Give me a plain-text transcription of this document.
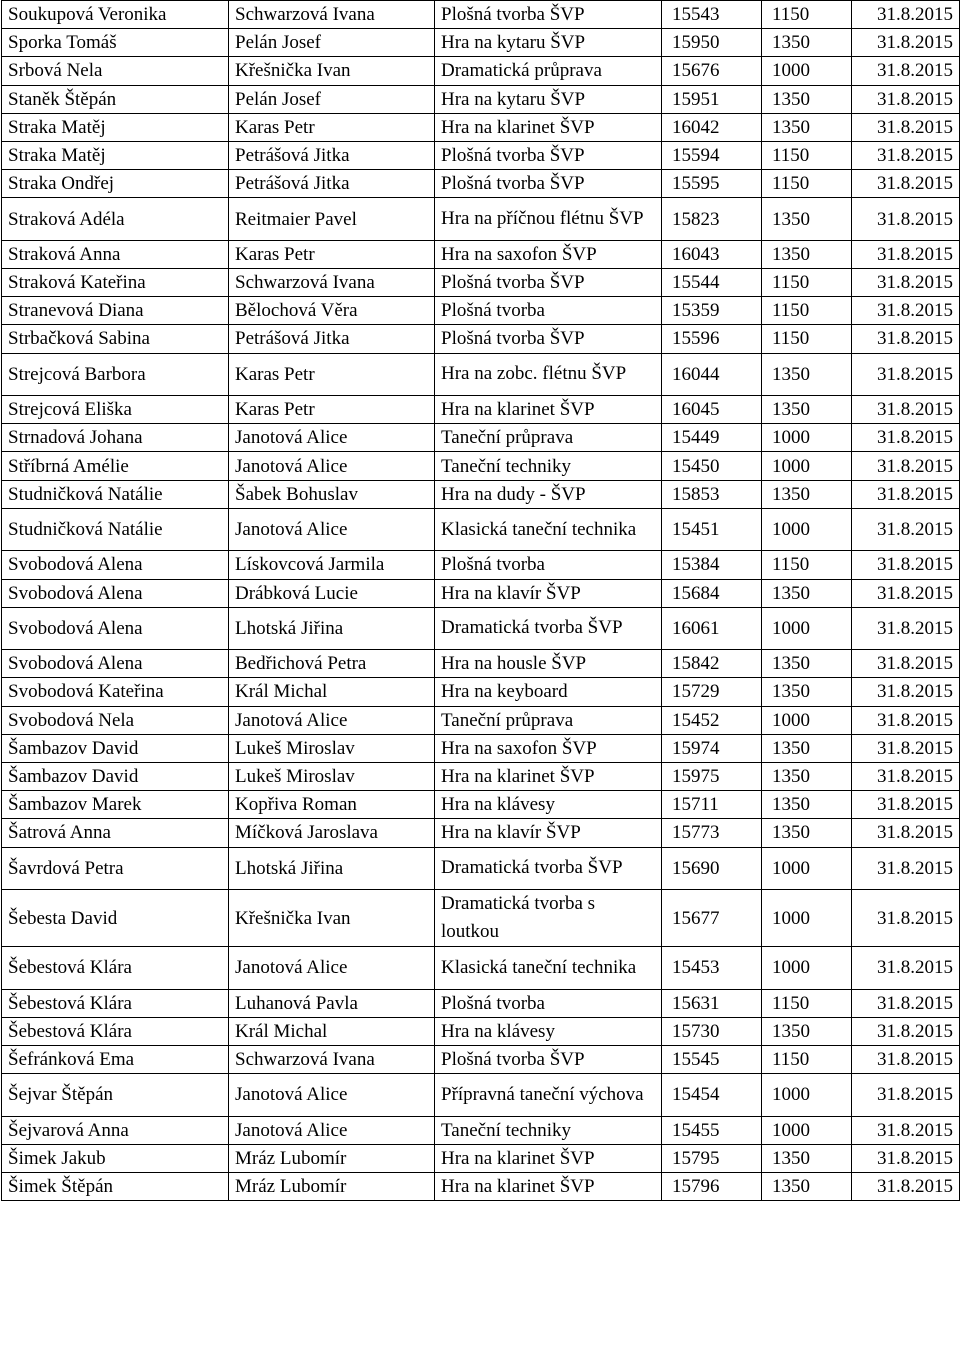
Soukupová Veronika	Schwarzová Ivana	Plošná tvorba ŠVP	15543	1150	31.8.2015
Sporka Tomáš	Pelán Josef	Hra na kytaru ŠVP	15950	1350	31.8.2015
Srbová Nela	Křešnička Ivan	Dramatická průprava	15676	1000	31.8.2015
Staněk Štěpán	Pelán Josef	Hra na kytaru ŠVP	15951	1350	31.8.2015
Straka Matěj	Karas Petr	Hra na klarinet ŠVP	16042	1350	31.8.2015
Straka Matěj	Petrášová Jitka	Plošná tvorba ŠVP	15594	1150	31.8.2015
Straka Ondřej	Petrášová Jitka	Plošná tvorba ŠVP	15595	1150	31.8.2015
Straková Adéla	Reitmaier Pavel	Hra na příčnou flétnu ŠVP	15823	1350	31.8.2015
Straková Anna	Karas Petr	Hra na saxofon ŠVP	16043	1350	31.8.2015
Straková Kateřina	Schwarzová Ivana	Plošná tvorba ŠVP	15544	1150	31.8.2015
Stranevová Diana	Bělochová Věra	Plošná tvorba	15359	1150	31.8.2015
Strbačková Sabina	Petrášová Jitka	Plošná tvorba ŠVP	15596	1150	31.8.2015
Strejcová Barbora	Karas Petr	Hra na zobc. flétnu ŠVP	16044	1350	31.8.2015
Strejcová Eliška	Karas Petr	Hra na klarinet ŠVP	16045	1350	31.8.2015
Strnadová Johana	Janotová Alice	Taneční průprava	15449	1000	31.8.2015
Stříbrná Amélie	Janotová Alice	Taneční techniky	15450	1000	31.8.2015
Studničková Natálie	Šabek Bohuslav	Hra na dudy - ŠVP	15853	1350	31.8.2015
Studničková Natálie	Janotová Alice	Klasická taneční technika	15451	1000	31.8.2015
Svobodová Alena	Lískovcová Jarmila	Plošná tvorba	15384	1150	31.8.2015
Svobodová Alena	Drábková Lucie	Hra na klavír ŠVP	15684	1350	31.8.2015
Svobodová Alena	Lhotská Jiřina	Dramatická tvorba ŠVP	16061	1000	31.8.2015
Svobodová Alena	Bedřichová Petra	Hra na housle ŠVP	15842	1350	31.8.2015
Svobodová Kateřina	Král Michal	Hra na keyboard	15729	1350	31.8.2015
Svobodová Nela	Janotová Alice	Taneční průprava	15452	1000	31.8.2015
Šambazov David	Lukeš Miroslav	Hra na saxofon ŠVP	15974	1350	31.8.2015
Šambazov David	Lukeš Miroslav	Hra na klarinet ŠVP	15975	1350	31.8.2015
Šambazov Marek	Kopřiva Roman	Hra na klávesy	15711	1350	31.8.2015
Šatrová Anna	Míčková Jaroslava	Hra na klavír ŠVP	15773	1350	31.8.2015
Šavrdová Petra	Lhotská Jiřina	Dramatická tvorba ŠVP	15690	1000	31.8.2015
Šebesta David	Křešnička Ivan	Dramatická tvorba s loutkou	15677	1000	31.8.2015
Šebestová Klára	Janotová Alice	Klasická taneční technika	15453	1000	31.8.2015
Šebestová Klára	Luhanová Pavla	Plošná tvorba	15631	1150	31.8.2015
Šebestová Klára	Král Michal	Hra na klávesy	15730	1350	31.8.2015
Šefránková Ema	Schwarzová Ivana	Plošná tvorba ŠVP	15545	1150	31.8.2015
Šejvar Štěpán	Janotová Alice	Přípravná taneční výchova	15454	1000	31.8.2015
Šejvarová Anna	Janotová Alice	Taneční techniky	15455	1000	31.8.2015
Šimek Jakub	Mráz Lubomír	Hra na klarinet ŠVP	15795	1350	31.8.2015
Šimek Štěpán	Mráz Lubomír	Hra na klarinet ŠVP	15796	1350	31.8.2015
